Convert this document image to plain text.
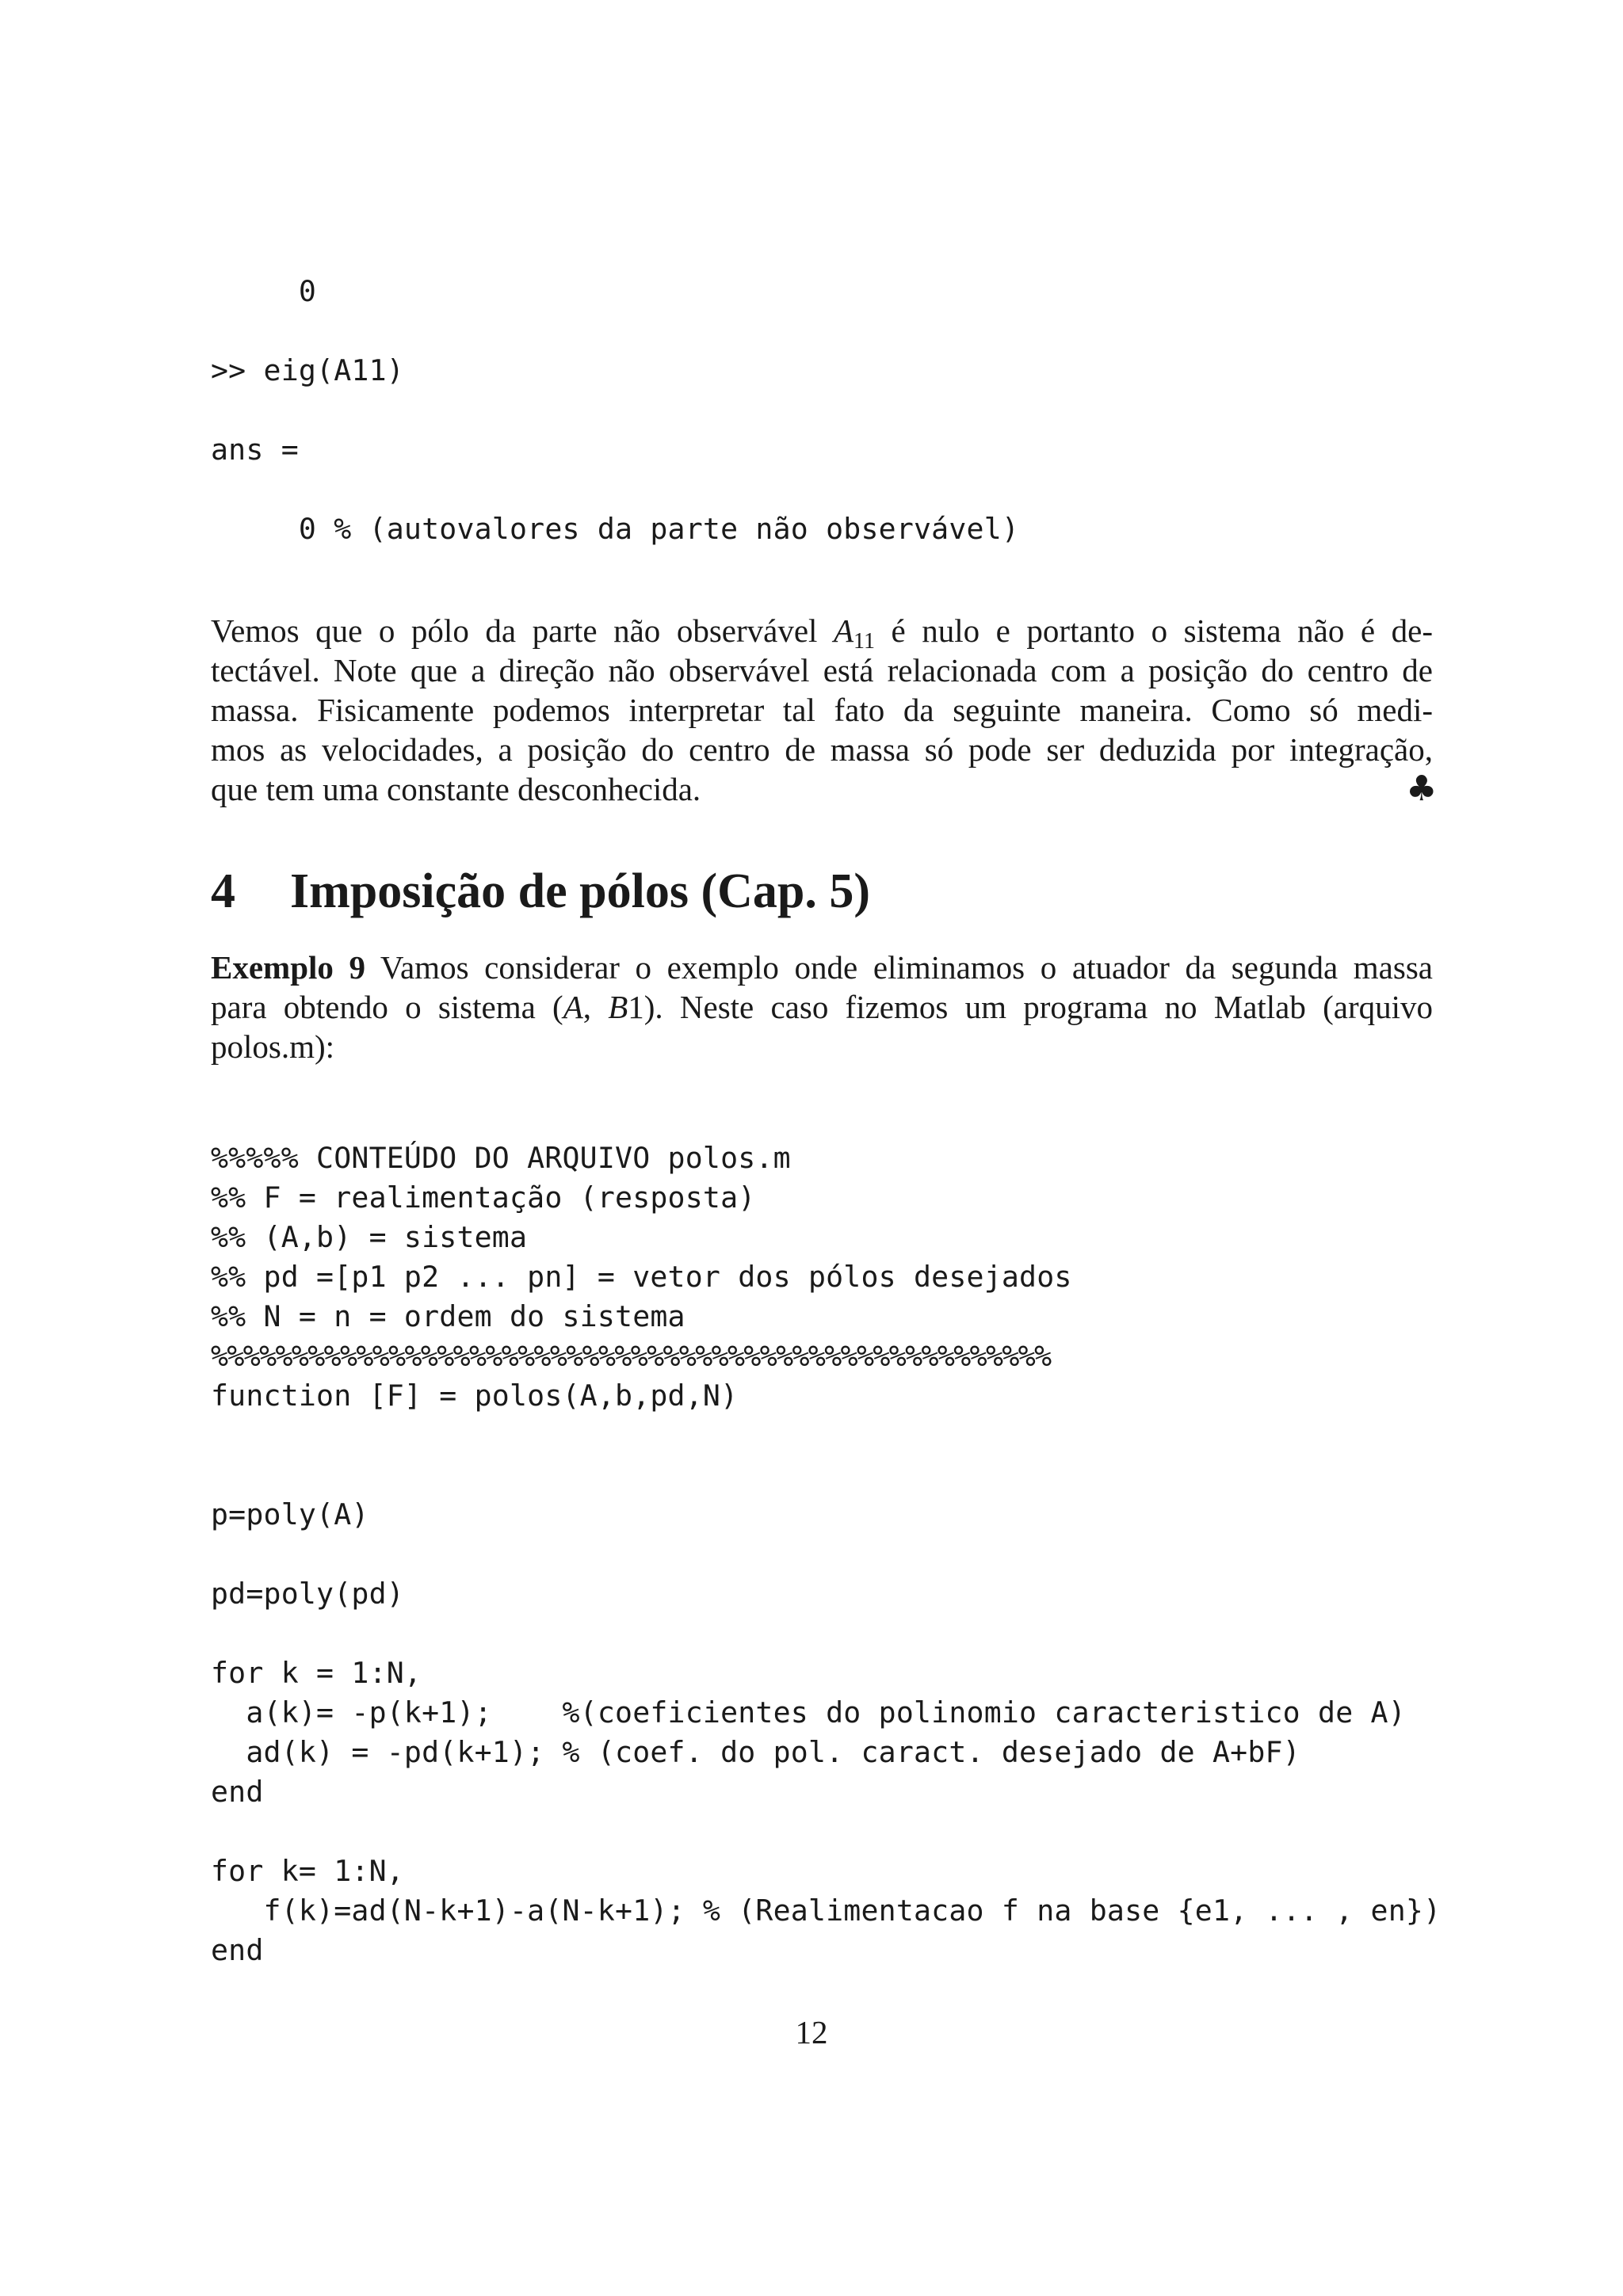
0
>> eig(A11)
ans =
0 % (autovalores da parte não observável)
Vemos que o pólo da parte não observável $A_{11}$ é nulo e portanto o sistema não é de-
tectável. Note que a direção não observável está relacionada com a posição do centro de
massa. Fisicamente podemos interpretar tal fato da seguinte maneira. Como só medi-
mos as velocidades, a posição do centro de massa só pode ser deduzida por integração,
que tem uma constante desconhecida.	♣
4 Imposição de pólos (Cap. 5)
Exemplo 9 Vamos considerar o exemplo onde eliminamos o atuador da segunda massa
para obtendo o sistema (A, B1). Neste caso fizemos um programa no Matlab (arquivo
polos.m):
%%%%% CONTEÚDO DO ARQUIVO polos.m
%% F = realimentação (resposta)
%% (A,b) = sistema
%% pd =[p1 p2 ... pn] = vetor dos pólos desejados
%% N = n = ordem do sistema
%%%%%%%%%%%%%%%%%%%%%%%%%%%%%%%%%%%%%%%%%%%%%%%%%%%%
function [F] = polos(A,b,pd,N)
p=poly(A)
pd=poly(pd)
for k = 1:N,
a(k)= -p(k+1);    %(coeficientes do polinomio caracteristico de A)
ad(k) = -pd(k+1); % (coef. do pol. caract. desejado de A+bF)
end
for k= 1:N,
f(k)=ad(N-k+1)-a(N-k+1); % (Realimentacao f na base {e1, ... , en})
end
12
